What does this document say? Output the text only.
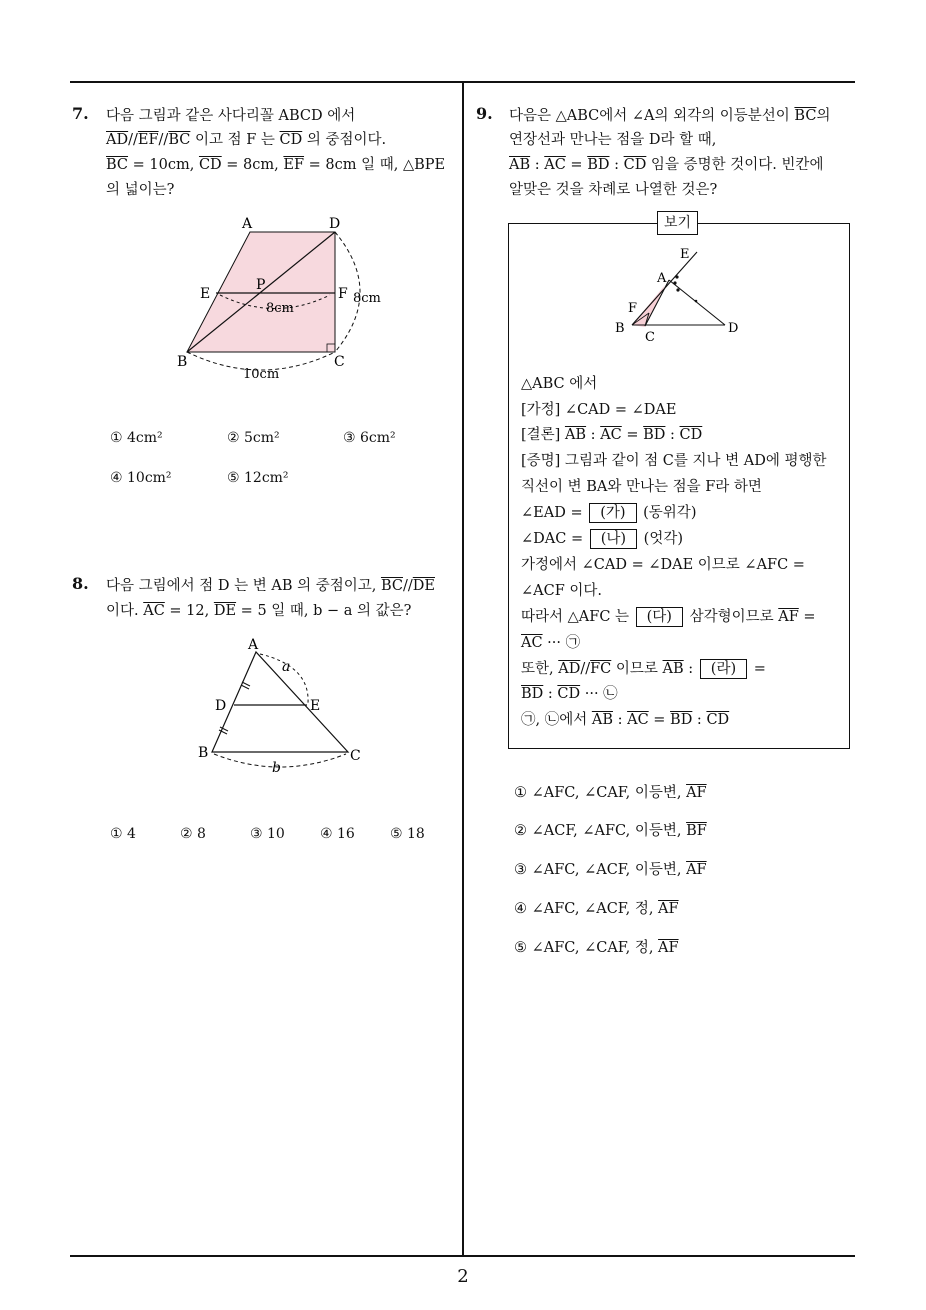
7. 다음 그림과 같은 사다리꼴 ABCD 에서
$\overline{AD}//\overline{EF}//\overline{BC}$ 이고 점 F 는 $\overline{CD}$ 의 중점이다.
$\overline{BC} = 10cm$, $\overline{CD} = 8cm$, $\overline{EF} = 8cm$ 일 때, △BPE
의 넓이는?
A	D
E
P
F
B	C
8cm
8cm
10cm
① 4cm²	② 5cm²	③ 6cm²
④ 10cm²	⑤ 12cm²
8. 다음 그림에서 점 D 는 변 AB 의 중점이고, $\overline{BC}//\overline{DE}$
이다. $\overline{AC} = 12$, $\overline{DE} = 5$ 일 때, b − a 의 값은?
A
D	E
B	C
a
b
① 4	② 8	③ 10	④ 16	⑤ 18
9. 다음은 △ABC에서 ∠A의 외각의 이등분선이 $\overline{BC}$의
연장선과 만나는 점을 D라 할 때,
$\overline{AB}$ : $\overline{AC} = \overline{BD}$ : $\overline{CD}$ 임을 증명한 것이다. 빈칸에
알맞은 것을 차례로 나열한 것은?
보기
E
A
F
B
C
D
△ABC 에서
[가정] ∠CAD = ∠DAE
[결론] $\overline{AB}$ : $\overline{AC} = \overline{BD}$ : $\overline{CD}$
[증명] 그림과 같이 점 C를 지나 변 AD에 평행한
직선이 변 BA와 만나는 점을 F라 하면
∠EAD = (가) (동위각)
∠DAC = (나) (엇각)
가정에서 ∠CAD = ∠DAE 이므로 ∠AFC =
∠ACF 이다.
따라서 △AFC 는 (다) 삼각형이므로 $\overline{AF}$ =
$\overline{AC}$ ··· ㉠
또한, $\overline{AD}//\overline{FC}$ 이므로 $\overline{AB}$ : (라) =
$\overline{BD}$ : $\overline{CD}$ ··· ㉡
㉠, ㉡에서 $\overline{AB}$ : $\overline{AC} = \overline{BD}$ : $\overline{CD}$
① ∠AFC, ∠CAF, 이등변, $\overline{AF}$
② ∠ACF, ∠AFC, 이등변, $\overline{BF}$
③ ∠AFC, ∠ACF, 이등변, $\overline{AF}$
④ ∠AFC, ∠ACF, 정, $\overline{AF}$
⑤ ∠AFC, ∠CAF, 정, $\overline{AF}$
2
